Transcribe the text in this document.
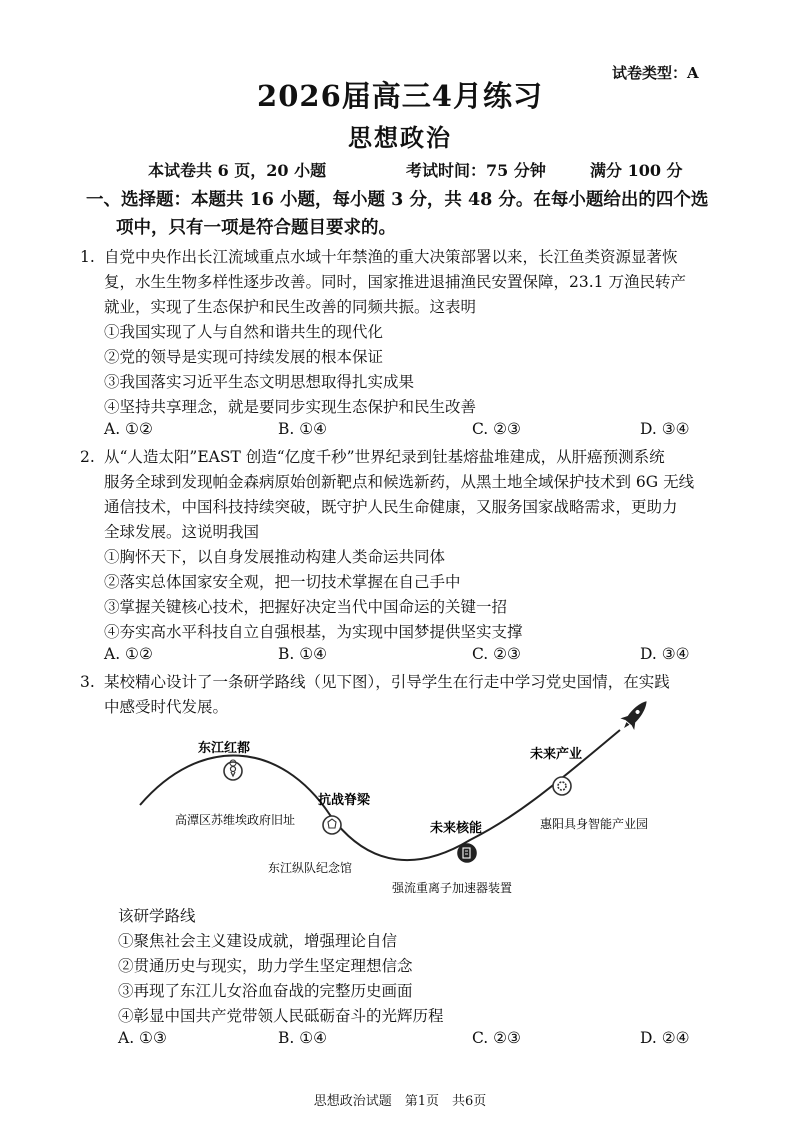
试卷类型：A
2026届高三4月练习
思想政治
本试卷共 6 页，20 小题	考试时间：75 分钟	满分 100 分
一、选择题：本题共 16 小题，每小题 3 分，共 48 分。在每小题给出的四个选
项中，只有一项是符合题目要求的。
1. 自党中央作出长江流域重点水域十年禁渔的重大决策部署以来，长江鱼类资源显著恢
复，水生生物多样性逐步改善。同时，国家推进退捕渔民安置保障，23.1 万渔民转产
就业，实现了生态保护和民生改善的同频共振。这表明
①我国实现了人与自然和谐共生的现代化
②党的领导是实现可持续发展的根本保证
③我国落实习近平生态文明思想取得扎实成果
④坚持共享理念，就是要同步实现生态保护和民生改善
A. ①②	B. ①④	C. ②③	D. ③④
2. 从“人造太阳”EAST 创造“亿度千秒”世界纪录到钍基熔盐堆建成，从肝癌预测系统
服务全球到发现帕金森病原始创新靶点和候选新药，从黑土地全域保护技术到 6G 无线
通信技术，中国科技持续突破，既守护人民生命健康，又服务国家战略需求，更助力
全球发展。这说明我国
①胸怀天下，以自身发展推动构建人类命运共同体
②落实总体国家安全观，把一切技术掌握在自己手中
③掌握关键核心技术，把握好决定当代中国命运的关键一招
④夯实高水平科技自立自强根基，为实现中国梦提供坚实支撑
A. ①②	B. ①④	C. ②③	D. ③④
3. 某校精心设计了一条研学路线（见下图），引导学生在行走中学习党史国情，在实践
中感受时代发展。
东江红都
高潭区苏维埃政府旧址
抗战脊梁
东江纵队纪念馆
未来核能
强流重离子加速器装置
未来产业
惠阳具身智能产业园
该研学路线
①聚焦社会主义建设成就，增强理论自信
②贯通历史与现实，助力学生坚定理想信念
③再现了东江儿女浴血奋战的完整历史画面
④彰显中国共产党带领人民砥砺奋斗的光辉历程
A. ①③	B. ①④	C. ②③	D. ②④
思想政治试题　第1页　共6页
